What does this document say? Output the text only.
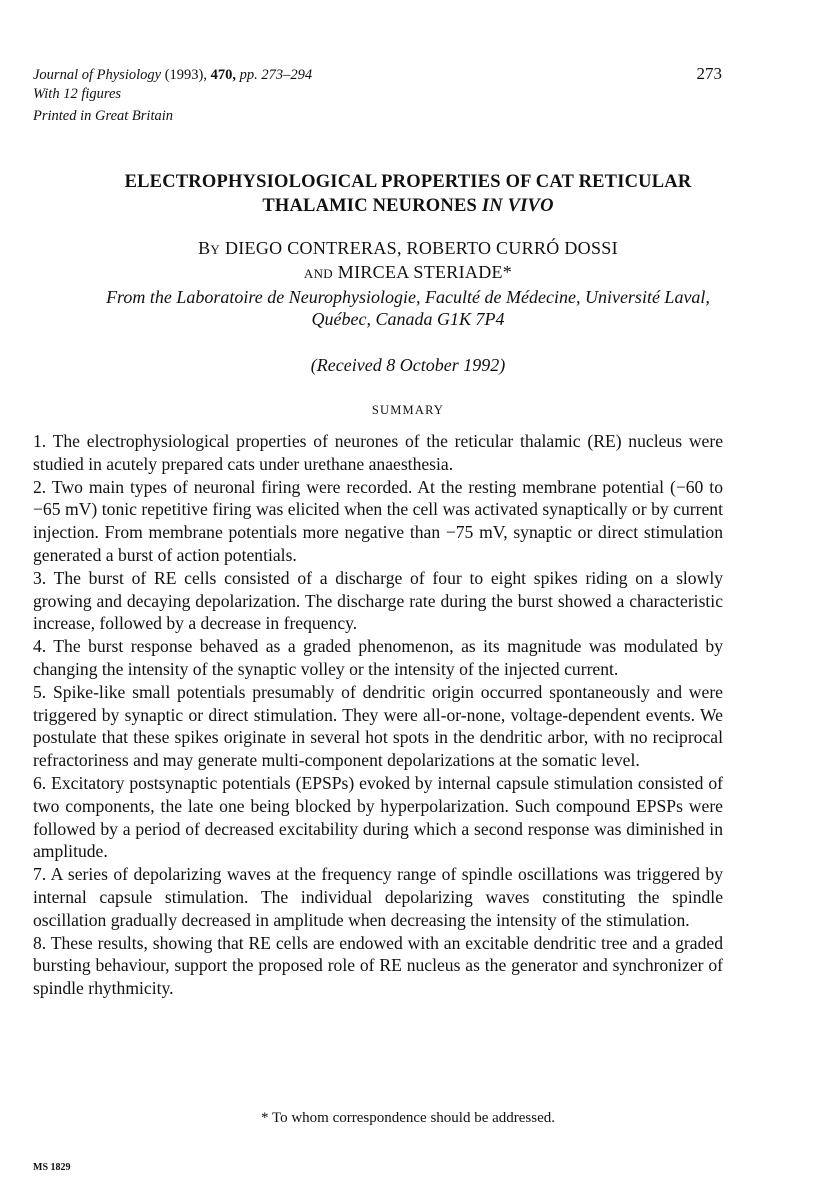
Journal of Physiology (1993), 470, pp. 273–294
With 12 figures
Printed in Great Britain
273
ELECTROPHYSIOLOGICAL PROPERTIES OF CAT RETICULAR
THALAMIC NEURONES IN VIVO
By DIEGO CONTRERAS, ROBERTO CURRÓ DOSSI
and MIRCEA STERIADE*
From the Laboratoire de Neurophysiologie, Faculté de Médecine, Université Laval,
Québec, Canada G1K 7P4
(Received 8 October 1992)
SUMMARY

1. The electrophysiological properties of neurones of the reticular thalamic (RE) nucleus were studied in acutely prepared cats under urethane anaesthesia.

2. Two main types of neuronal firing were recorded. At the resting membrane potential (−60 to −65 mV) tonic repetitive firing was elicited when the cell was activated synaptically or by current injection. From membrane potentials more negative than −75 mV, synaptic or direct stimulation generated a burst of action potentials.

3. The burst of RE cells consisted of a discharge of four to eight spikes riding on a slowly growing and decaying depolarization. The discharge rate during the burst showed a characteristic increase, followed by a decrease in frequency.

4. The burst response behaved as a graded phenomenon, as its magnitude was modulated by changing the intensity of the synaptic volley or the intensity of the injected current.

5. Spike-like small potentials presumably of dendritic origin occurred spontaneously and were triggered by synaptic or direct stimulation. They were all-or-none, voltage-dependent events. We postulate that these spikes originate in several hot spots in the dendritic arbor, with no reciprocal refractoriness and may generate multi-component depolarizations at the somatic level.

6. Excitatory postsynaptic potentials (EPSPs) evoked by internal capsule stimulation consisted of two components, the late one being blocked by hyperpolarization. Such compound EPSPs were followed by a period of decreased excitability during which a second response was diminished in amplitude.

7. A series of depolarizing waves at the frequency range of spindle oscillations was triggered by internal capsule stimulation. The individual depolarizing waves constituting the spindle oscillation gradually decreased in amplitude when decreasing the intensity of the stimulation.

8. These results, showing that RE cells are endowed with an excitable dendritic tree and a graded bursting behaviour, support the proposed role of RE nucleus as the generator and synchronizer of spindle rhythmicity.

* To whom correspondence should be addressed.
MS 1829
